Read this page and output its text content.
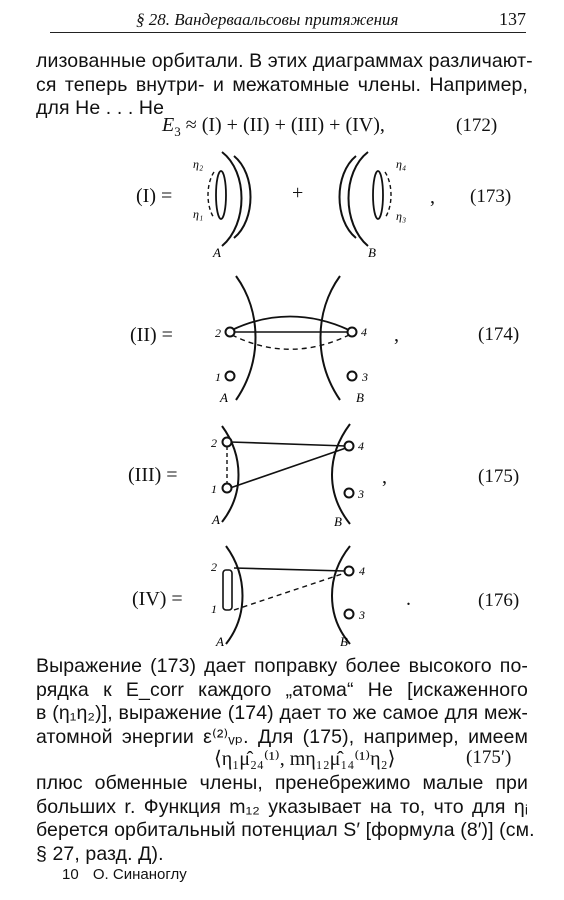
§ 28. Вандерваальсовы притяжения	137
лизованные орбитали. В этих диаграммах различают-
ся теперь внутри- и межатомные члены. Например,
для He . . . He
$E_3 \approx (I) + (II) + (III) + (IV)$,	(172)
η₂
η₁
η₄
η₃
A	B
(I) =	+	, (173)
2	4
1	3
A	B
(II) =	,	(174)
2	4
1	3
A	B
(III) =	,	(175)
2	4
1	3
A	B
(IV) =	.	(176)
Выражение (173) дает поправку более высокого по-
рядка к E_corr каждого „атома“ He [искаженного
в (η₁η₂)], выражение (174) дает то же самое для меж-
атомной энергии ε⁽²⁾ᵥₚ. Для (175), например, имеем
⟨η₁μ̂₂₄⁽¹⁾, mη₁₂μ̂₁₄⁽¹⁾η₂⟩	(175′)
плюс обменные члены, пренебрежимо малые при
больших r. Функция m₁₂ указывает на то, что для ηᵢ
берется орбитальный потенциал S′ [формула (8′)] (см.
§ 27, разд. Д).
10 О. Синаноглу
